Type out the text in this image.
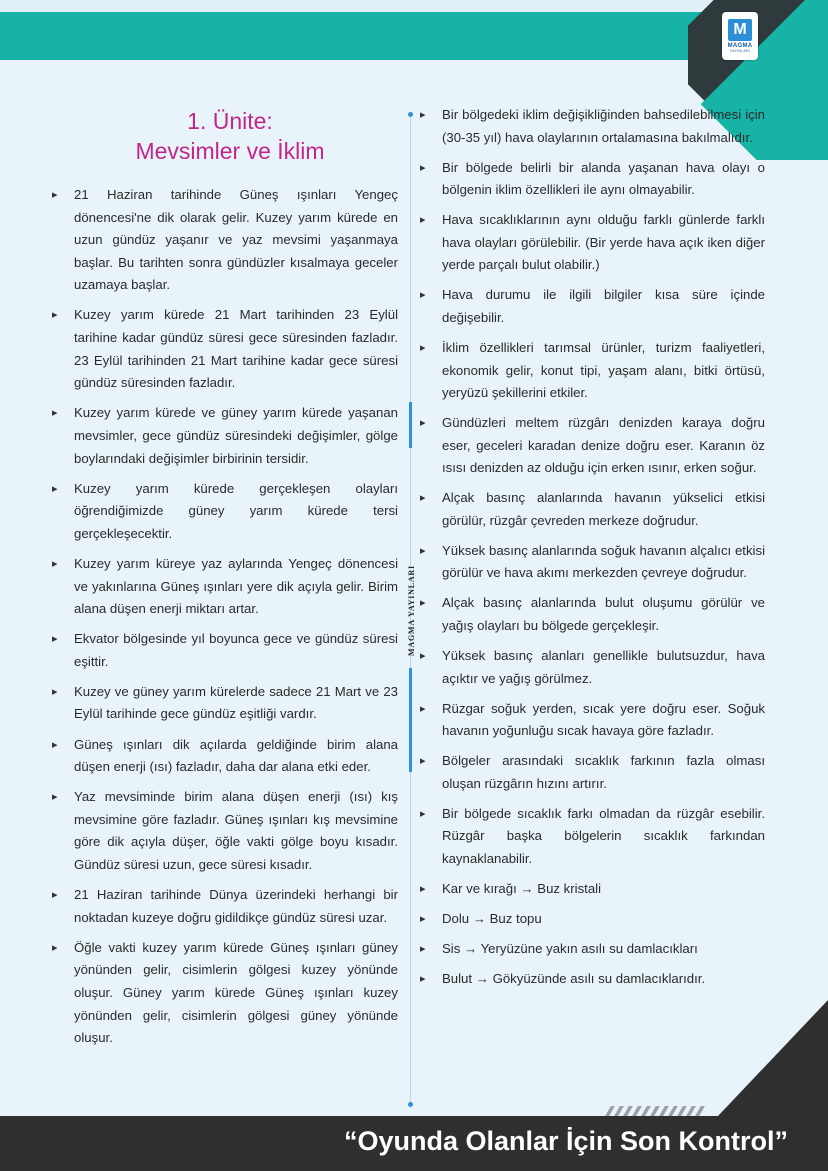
M
MAGMA
YAYINLARI
1. Ünite:
Mevsimler ve İklim
▸ 21 Haziran tarihinde Güneş ışınları Yengeç dönencesi'ne dik olarak gelir. Kuzey yarım kürede en uzun gündüz yaşanır ve yaz mevsimi yaşanmaya başlar. Bu tarihten sonra gündüzler kısalmaya geceler uzamaya başlar.
▸ Kuzey yarım kürede 21 Mart tarihinden 23 Eylül tarihine kadar gündüz süresi gece süresinden fazladır. 23 Eylül tarihinden 21 Mart tarihine kadar gece süresi gündüz süresinden fazladır.
▸ Kuzey yarım kürede ve güney yarım kürede yaşanan mevsimler, gece gündüz süresindeki değişimler, gölge boylarındaki değişimler birbirinin tersidir.
▸ Kuzey yarım kürede gerçekleşen olayları öğrendiğimizde güney yarım kürede tersi gerçekleşecektir.
▸ Kuzey yarım küreye yaz aylarında Yengeç dönencesi ve yakınlarına Güneş ışınları yere dik açıyla gelir. Birim alana düşen enerji miktarı artar.
▸ Ekvator bölgesinde yıl boyunca gece ve gündüz süresi eşittir.
▸ Kuzey ve güney yarım kürelerde sadece 21 Mart ve 23 Eylül tarihinde gece gündüz eşitliği vardır.
▸ Güneş ışınları dik açılarda geldiğinde birim alana düşen enerji (ısı) fazladır, daha dar alana etki eder.
▸ Yaz mevsiminde birim alana düşen enerji (ısı) kış mevsimine göre fazladır. Güneş ışınları kış mevsimine göre dik açıyla düşer, öğle vakti gölge boyu kısadır. Gündüz süresi uzun, gece süresi kısadır.
▸ 21 Haziran tarihinde Dünya üzerindeki herhangi bir noktadan kuzeye doğru gidildikçe gündüz süresi uzar.
▸ Öğle vakti kuzey yarım kürede Güneş ışınları güney yönünden gelir, cisimlerin gölgesi kuzey yönünde oluşur. Güney yarım kürede Güneş ışınları kuzey yönünden gelir, cisimlerin gölgesi güney yönünde oluşur.
MAGMA YAYINLARI
▸ Bir bölgedeki iklim değişikliğinden bahsedilebilmesi için (30-35 yıl) hava olaylarının ortalamasına bakılmalıdır.
▸ Bir bölgede belirli bir alanda yaşanan hava olayı o bölgenin iklim özellikleri ile aynı olmayabilir.
▸ Hava sıcaklıklarının aynı olduğu farklı günlerde farklı hava olayları görülebilir. (Bir yerde hava açık iken diğer yerde parçalı bulut olabilir.)
▸ Hava durumu ile ilgili bilgiler kısa süre içinde değişebilir.
▸ İklim özellikleri tarımsal ürünler, turizm faaliyetleri, ekonomik gelir, konut tipi, yaşam alanı, bitki örtüsü, yeryüzü şekillerini etkiler.
▸ Gündüzleri meltem rüzgârı denizden karaya doğru eser, geceleri karadan denize doğru eser. Karanın öz ısısı denizden az olduğu için erken ısınır, erken soğur.
▸ Alçak basınç alanlarında havanın yükselici etkisi görülür, rüzgâr çevreden merkeze doğrudur.
▸ Yüksek basınç alanlarında soğuk havanın alçalıcı etkisi görülür ve hava akımı merkezden çevreye doğrudur.
▸ Alçak basınç alanlarında bulut oluşumu görülür ve yağış olayları bu bölgede gerçekleşir.
▸ Yüksek basınç alanları genellikle bulutsuzdur, hava açıktır ve yağış görülmez.
▸ Rüzgar soğuk yerden, sıcak yere doğru eser. Soğuk havanın yoğunluğu sıcak havaya göre fazladır.
▸ Bölgeler arasındaki sıcaklık farkının fazla olması oluşan rüzgârın hızını artırır.
▸ Bir bölgede sıcaklık farkı olmadan da rüzgâr esebilir. Rüzgâr başka bölgelerin sıcaklık farkından kaynaklanabilir.
▸ Kar ve kırağı → Buz kristali
▸ Dolu → Buz topu
▸ Sis → Yeryüzüne yakın asılı su damlacıkları
▸ Bulut → Gökyüzünde asılı su damlacıklarıdır.
“Oyunda Olanlar İçin Son Kontrol”
